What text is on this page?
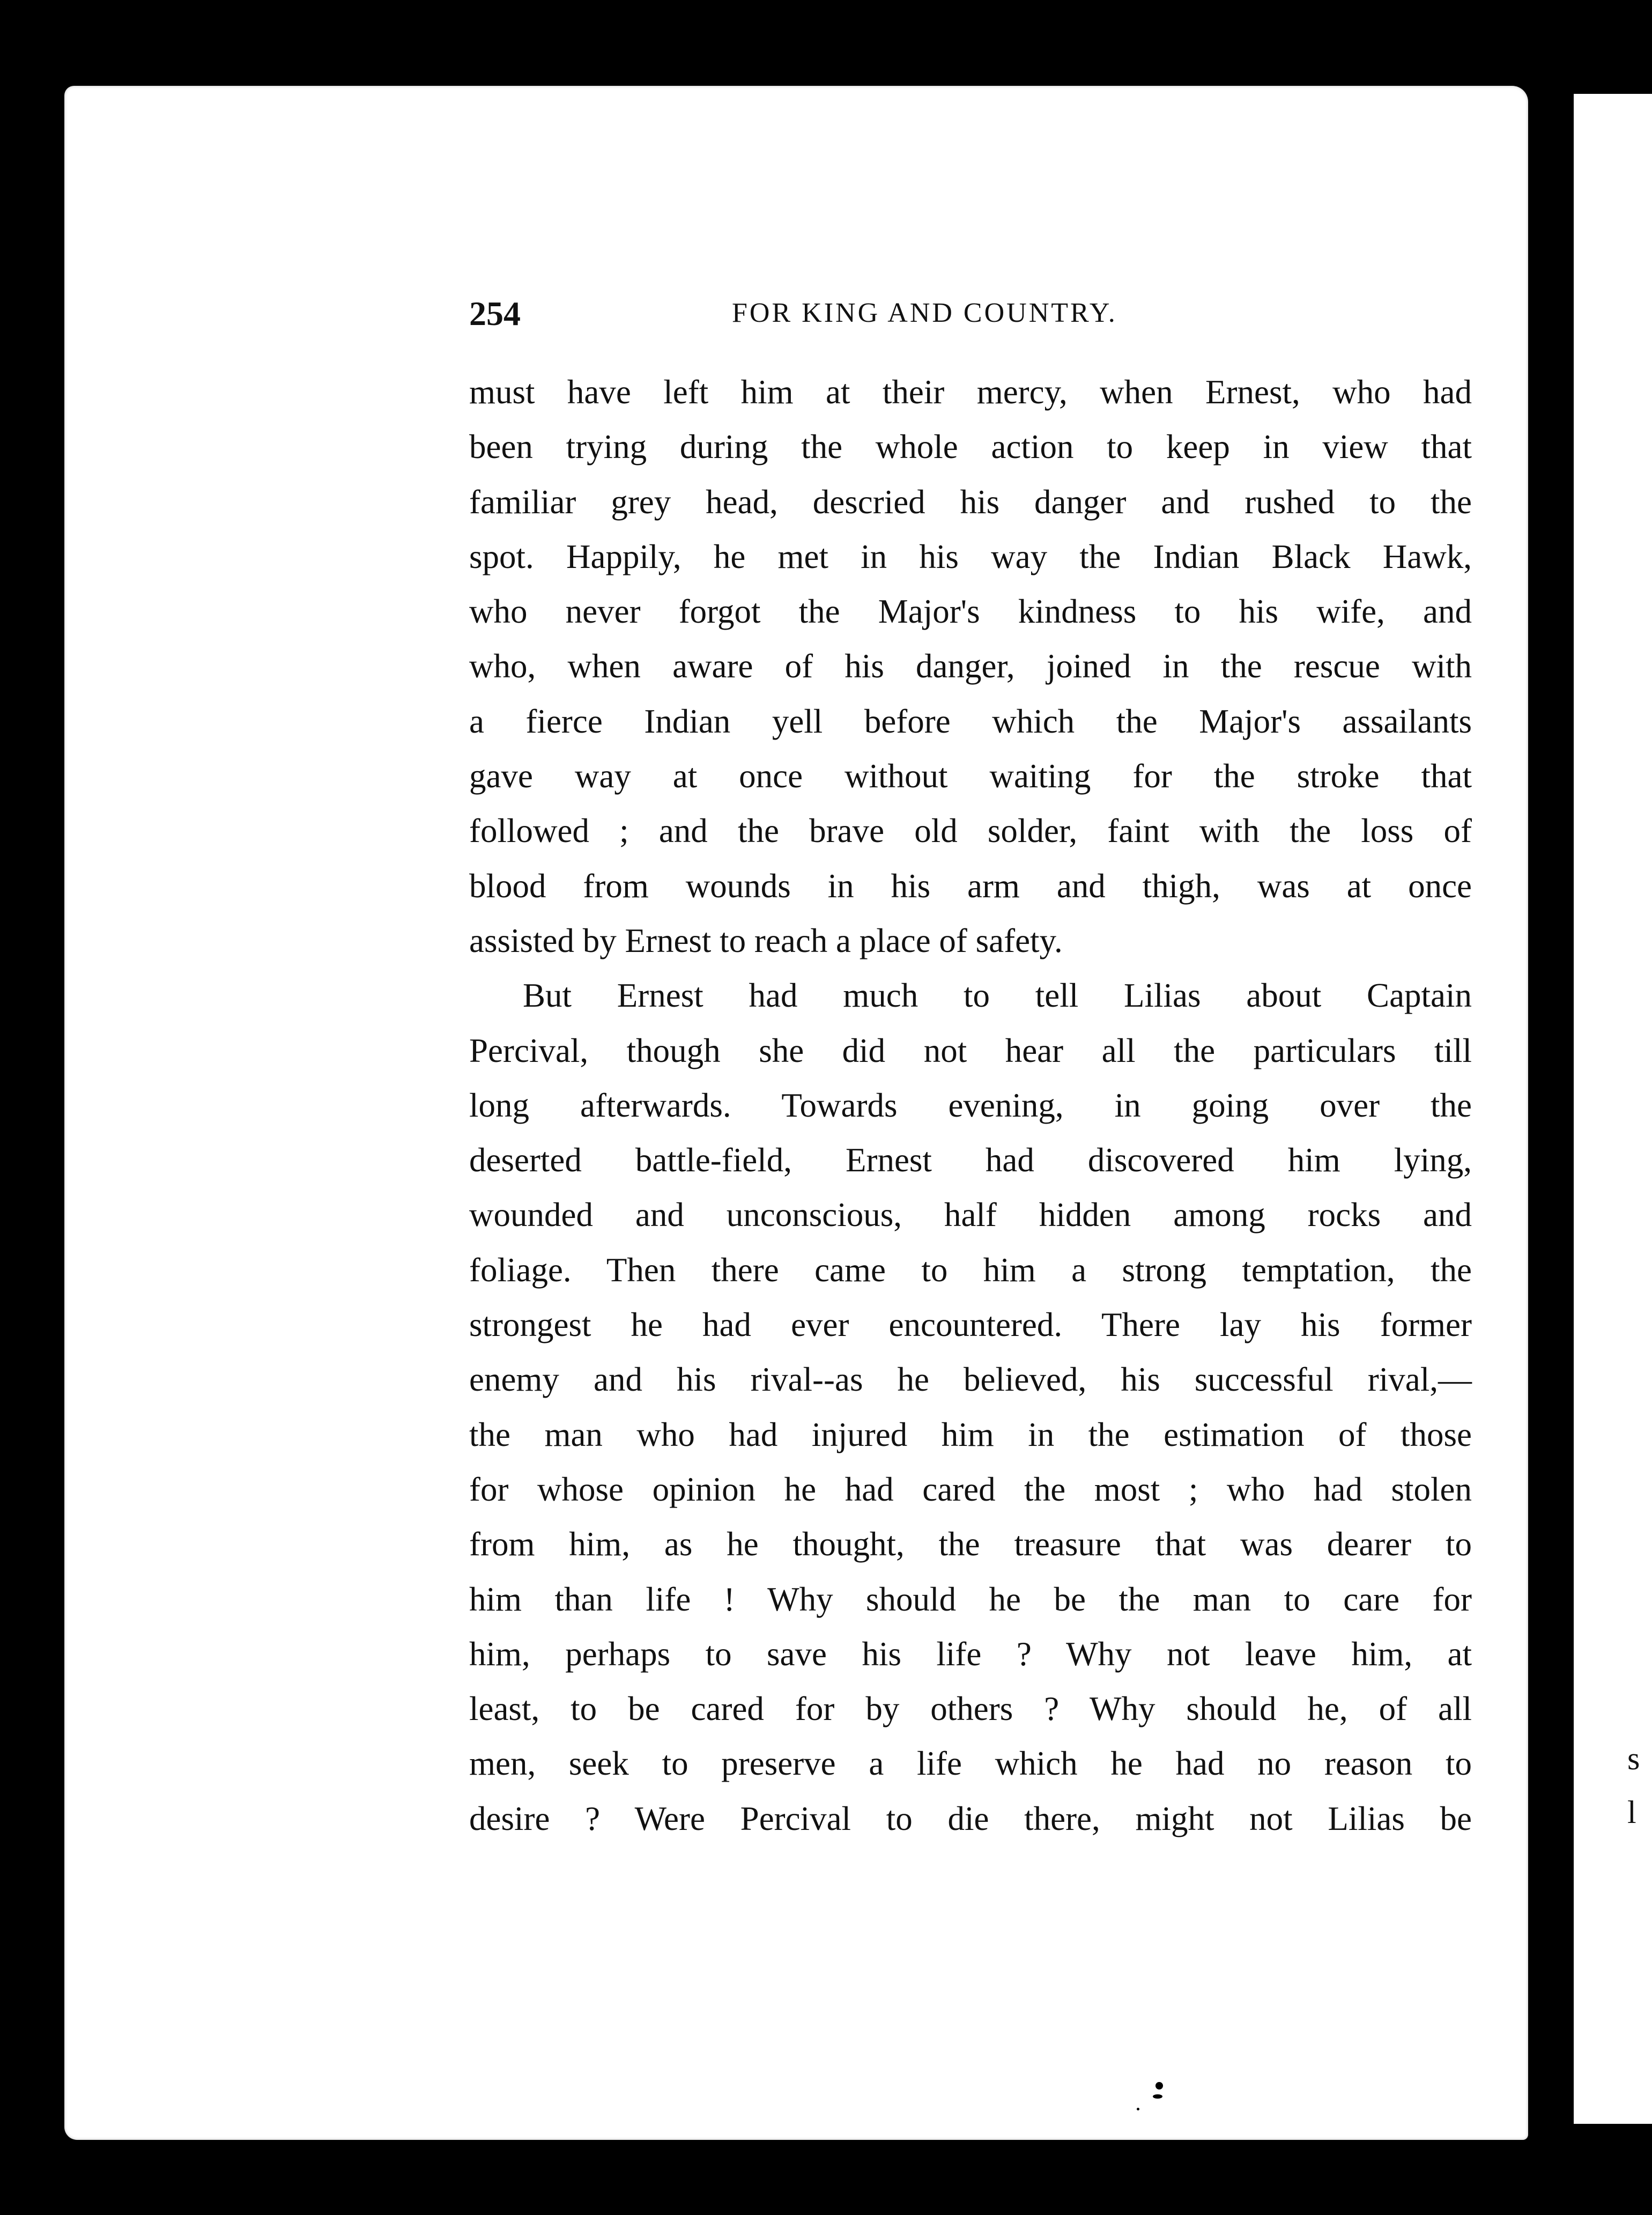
s
l
254	FOR KING AND COUNTRY.
must have left him at their mercy, when Ernest, who had
been trying during the whole action to keep in view that
familiar grey head, descried his danger and rushed to the
spot. Happily, he met in his way the Indian Black Hawk,
who never forgot the Major's kindness to his wife, and
who, when aware of his danger, joined in the rescue with
a fierce Indian yell before which the Major's assailants
gave way at once without waiting for the stroke that
followed ; and the brave old solder, faint with the loss of
blood from wounds in his arm and thigh, was at once
assisted by Ernest to reach a place of safety.
But Ernest had much to tell Lilias about Captain
Percival, though she did not hear all the particulars till
long afterwards. Towards evening, in going over the
deserted battle-field, Ernest had discovered him lying,
wounded and unconscious, half hidden among rocks and
foliage. Then there came to him a strong temptation, the
strongest he had ever encountered. There lay his former
enemy and his rival--as he believed, his successful rival,—
the man who had injured him in the estimation of those
for whose opinion he had cared the most ; who had stolen
from him, as he thought, the treasure that was dearer to
him than life ! Why should he be the man to care for
him, perhaps to save his life ? Why not leave him, at
least, to be cared for by others ? Why should he, of all
men, seek to preserve a life which he had no reason to
desire ? Were Percival to die there, might not Lilias be
